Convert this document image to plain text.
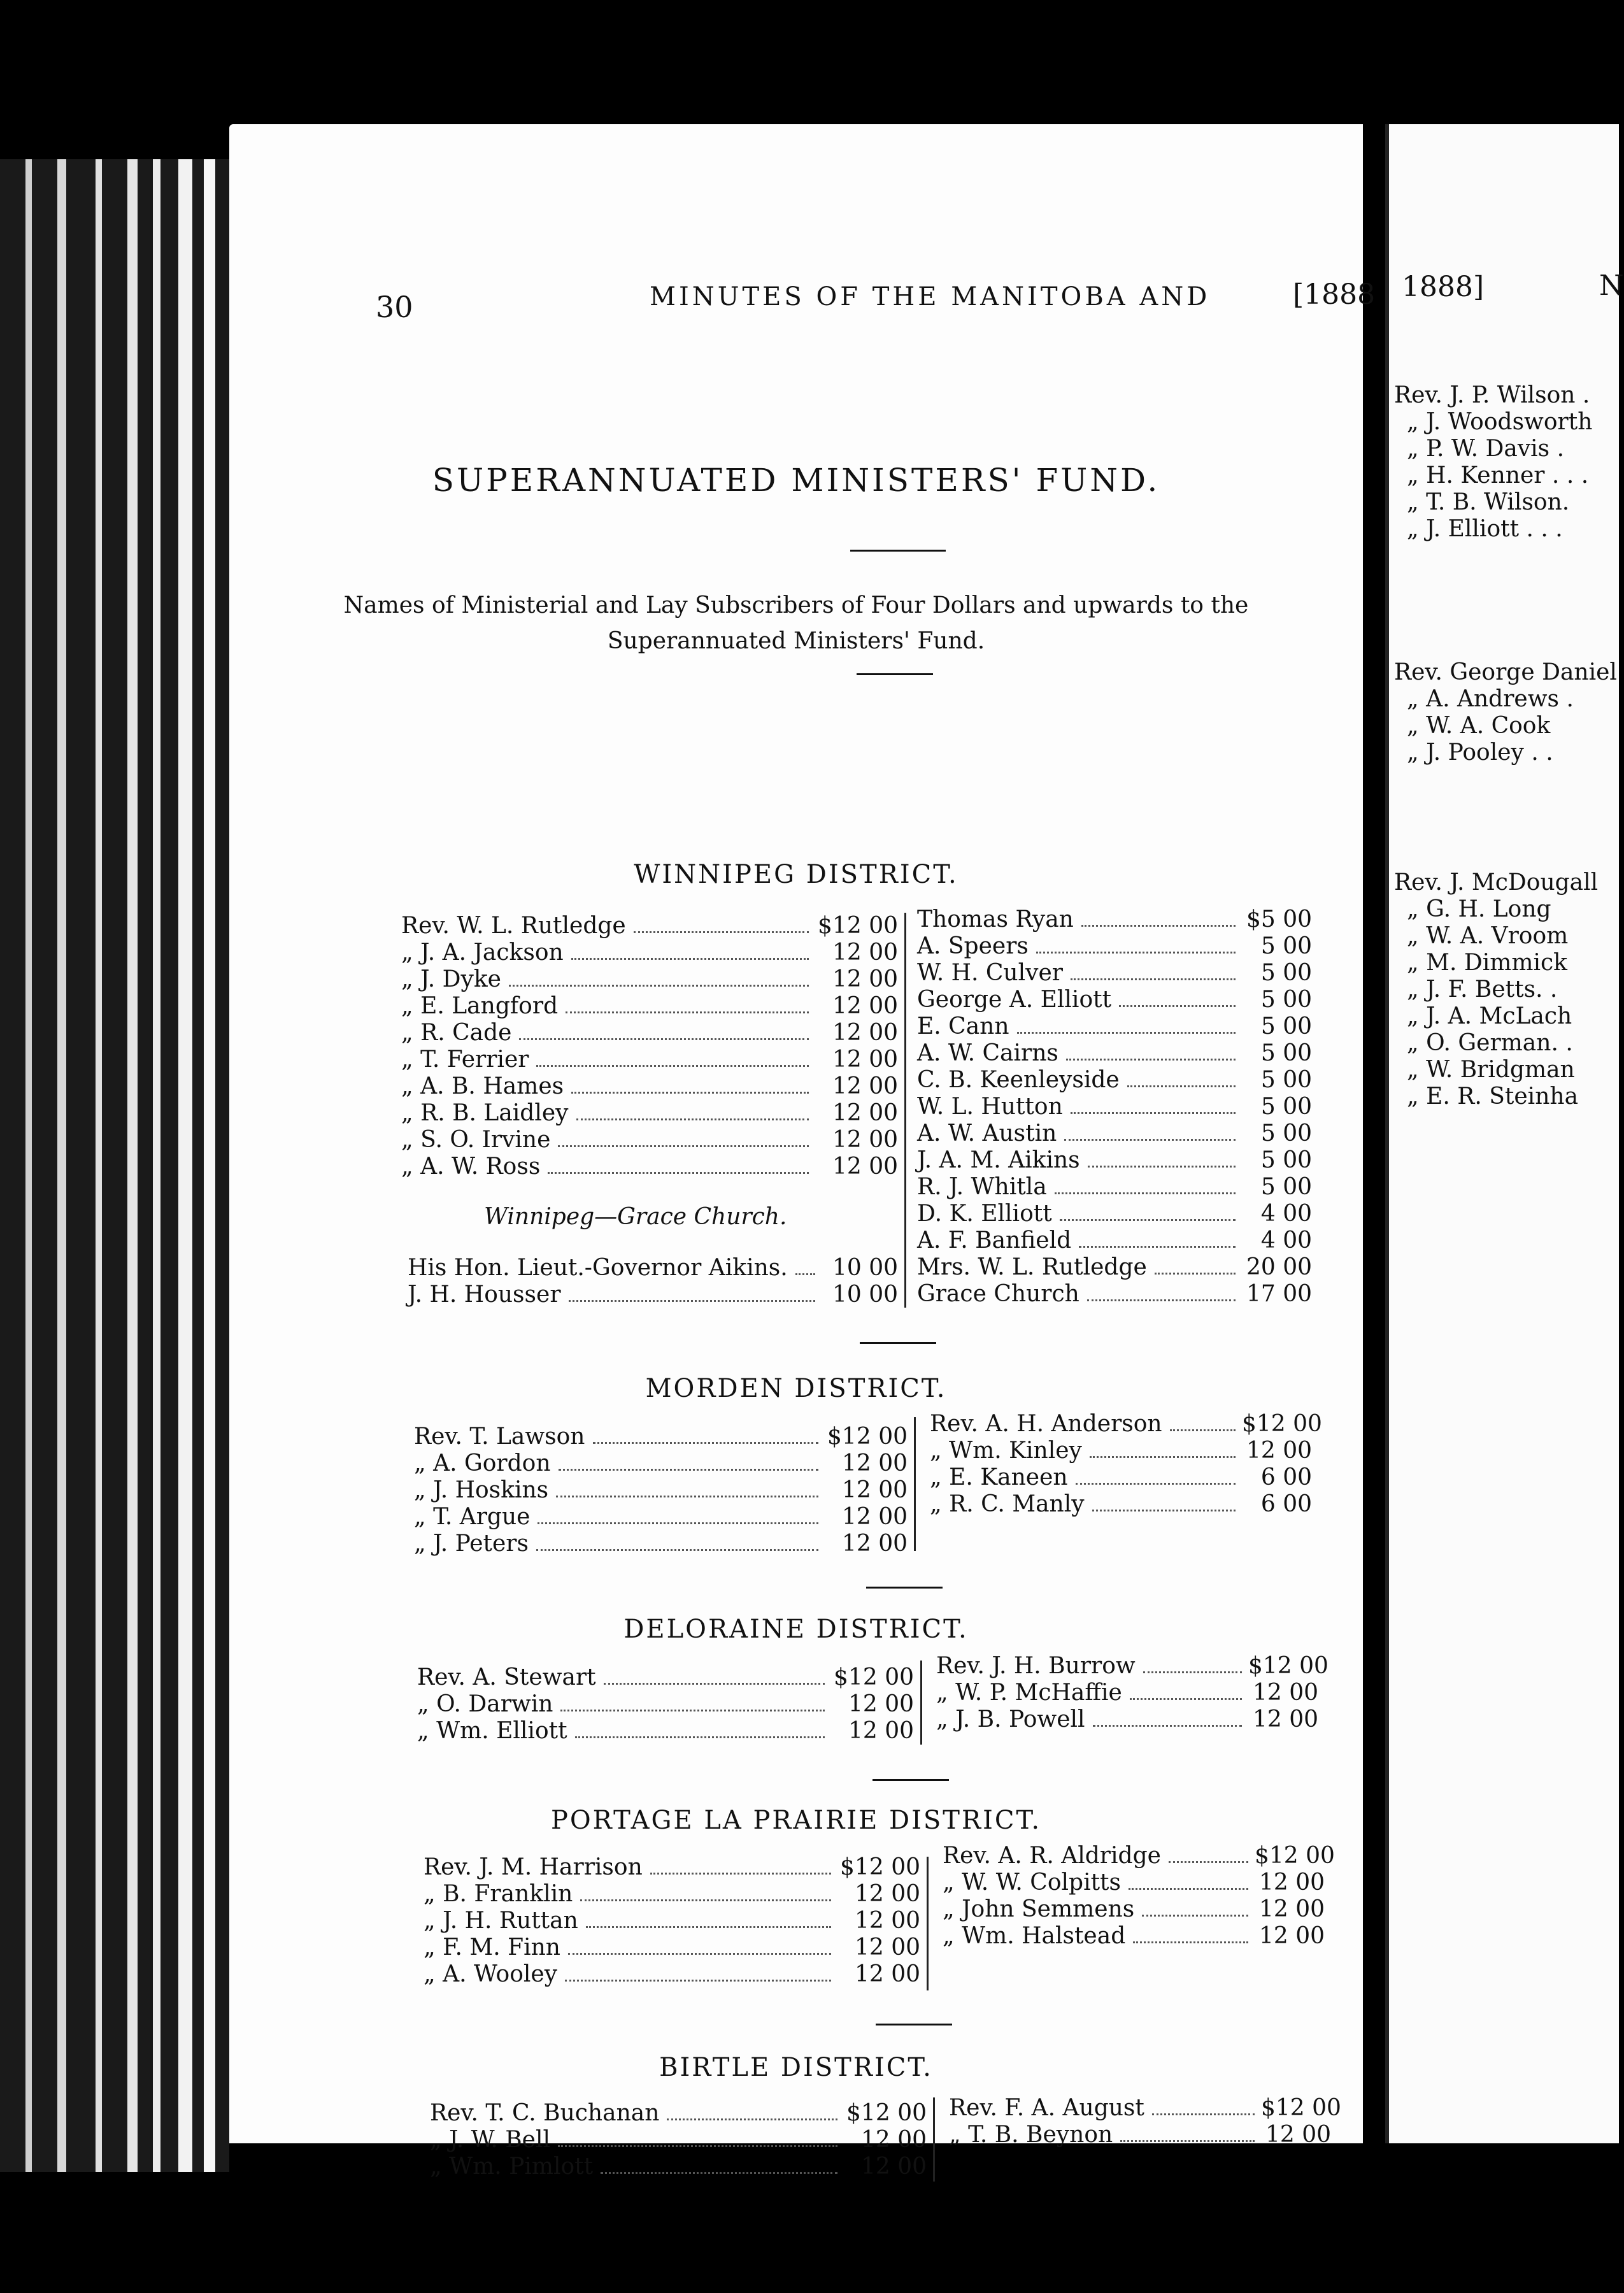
30	MINUTES OF THE MANITOBA AND	[1888
SUPERANNUATED MINISTERS' FUND.
Names of Ministerial and Lay Subscribers of Four Dollars and upwards to the Superannuated Ministers' Fund.
WINNIPEG DISTRICT.
Winnipeg—Grace Church.
MORDEN DISTRICT.
DELORAINE DISTRICT.
PORTAGE LA PRAIRIE DISTRICT.
BIRTLE DISTRICT.
Rev. W. L. Rutledge	$12 00
„ J. A. Jackson	12 00
„ J. Dyke	12 00
„ E. Langford	12 00
„ R. Cade	12 00
„ T. Ferrier	12 00
„ A. B. Hames	12 00
„ R. B. Laidley	12 00
„ S. O. Irvine	12 00
„ A. W. Ross	12 00
His Hon. Lieut.-Governor Aikins.	10 00
J. H. Housser	10 00
Thomas Ryan	$5 00
A. Speers	5 00
W. H. Culver	5 00
George A. Elliott	5 00
E. Cann	5 00
A. W. Cairns	5 00
C. B. Keenleyside	5 00
W. L. Hutton	5 00
A. W. Austin	5 00
J. A. M. Aikins	5 00
R. J. Whitla	5 00
D. K. Elliott	4 00
A. F. Banfield	4 00
Mrs. W. L. Rutledge	20 00
Grace Church	17 00
Rev. T. Lawson	$12 00
„ A. Gordon	12 00
„ J. Hoskins	12 00
„ T. Argue	12 00
„ J. Peters	12 00
Rev. A. H. Anderson	$12 00
„ Wm. Kinley	12 00
„ E. Kaneen	6 00
„ R. C. Manly	6 00
Rev. A. Stewart	$12 00
„ O. Darwin	12 00
„ Wm. Elliott	12 00
Rev. J. H. Burrow	$12 00
„ W. P. McHaffie	12 00
„ J. B. Powell	12 00
Rev. J. M. Harrison	$12 00
„ B. Franklin	12 00
„ J. H. Ruttan	12 00
„ F. M. Finn	12 00
„ A. Wooley	12 00
Rev. A. R. Aldridge	$12 00
„ W. W. Colpitts	12 00
„ John Semmens	12 00
„ Wm. Halstead	12 00
Rev. T. C. Buchanan	$12 00
„ J. W. Bell	12 00
„ Wm. Pimlott	12 00
Rev. F. A. August	$12 00
„ T. B. Beynon	12 00
1888]	N
Rev. J. P. Wilson .
„ J. Woodsworth
„ P. W. Davis .
„ H. Kenner . . .
„ T. B. Wilson.
„ J. Elliott . . .
Rev. George Daniel
„ A. Andrews .
„ W. A. Cook
„ J. Pooley . .
Rev. J. McDougall
„ G. H. Long
„ W. A. Vroom
„ M. Dimmick
„ J. F. Betts. .
„ J. A. McLach
„ O. German. .
„ W. Bridgman
„ E. R. Steinha
